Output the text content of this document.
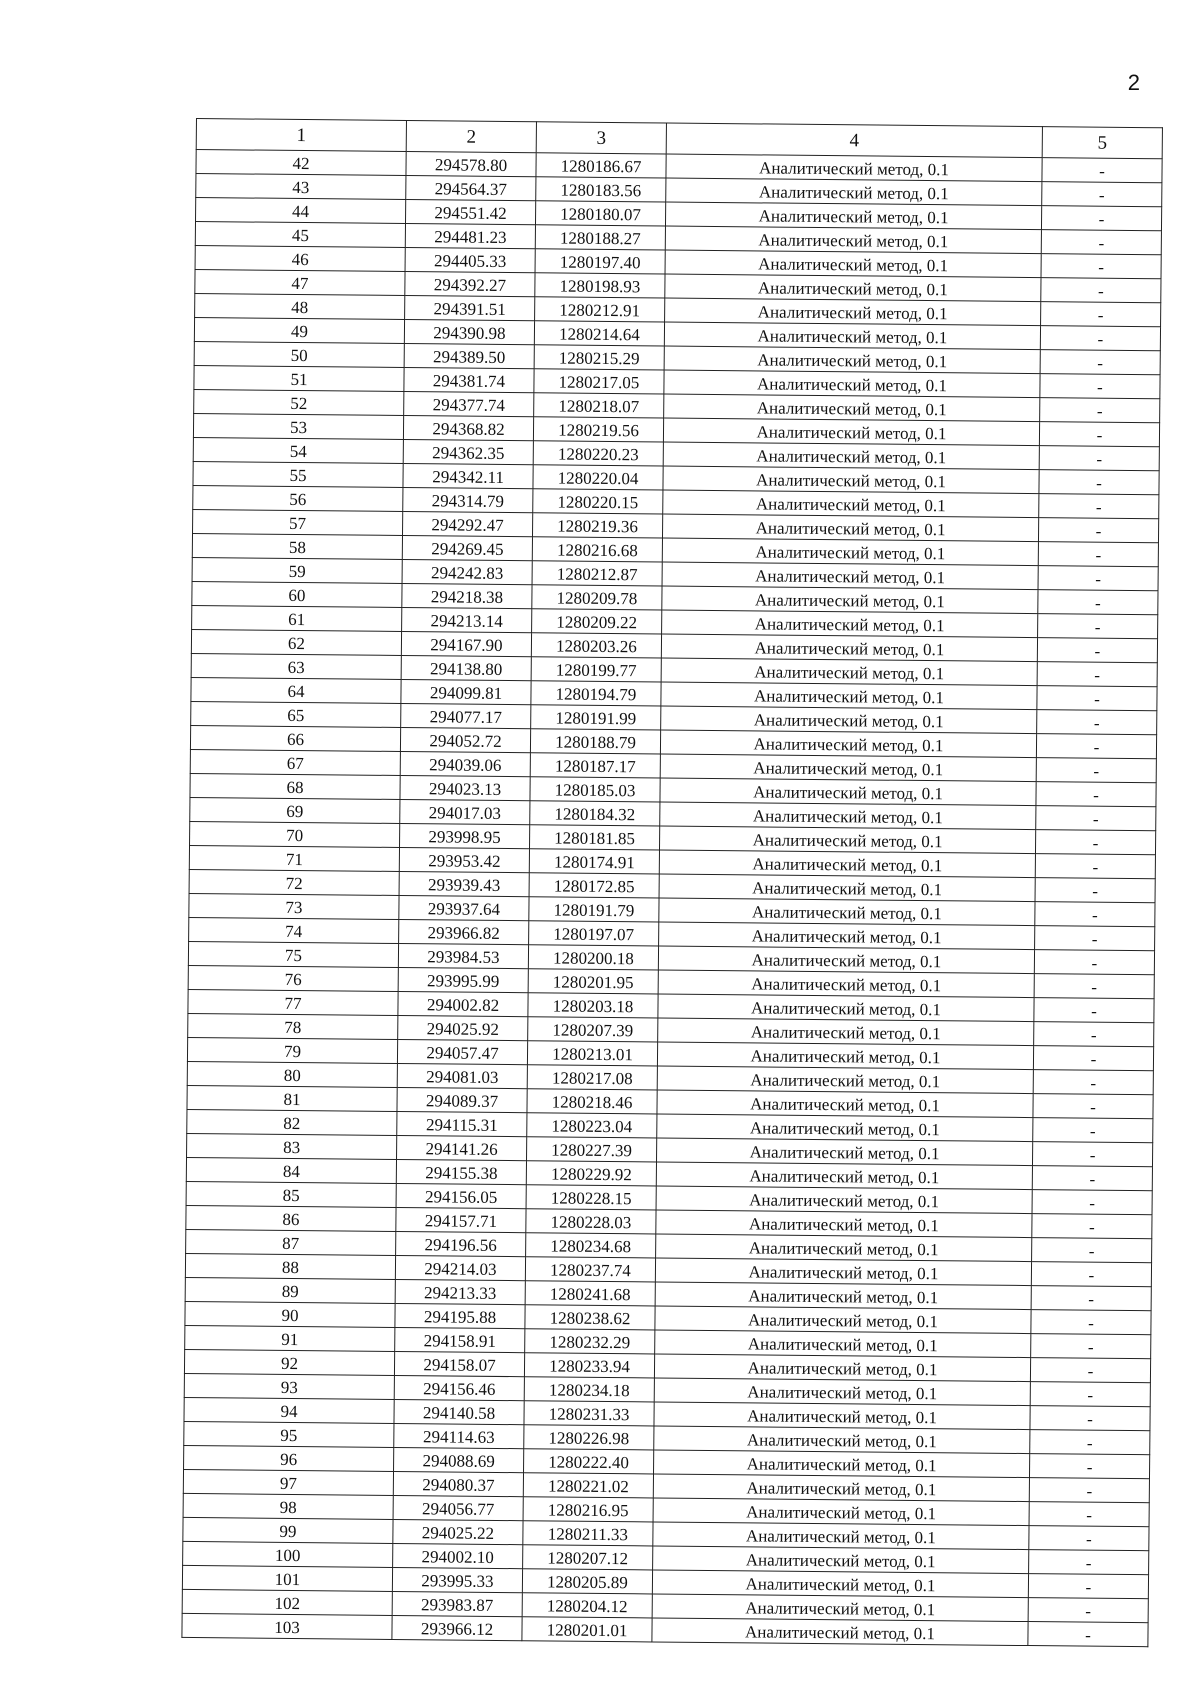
2
1	2	3	4	5
42	294578.80	1280186.67	Аналитический метод, 0.1	-
43	294564.37	1280183.56	Аналитический метод, 0.1	-
44	294551.42	1280180.07	Аналитический метод, 0.1	-
45	294481.23	1280188.27	Аналитический метод, 0.1	-
46	294405.33	1280197.40	Аналитический метод, 0.1	-
47	294392.27	1280198.93	Аналитический метод, 0.1	-
48	294391.51	1280212.91	Аналитический метод, 0.1	-
49	294390.98	1280214.64	Аналитический метод, 0.1	-
50	294389.50	1280215.29	Аналитический метод, 0.1	-
51	294381.74	1280217.05	Аналитический метод, 0.1	-
52	294377.74	1280218.07	Аналитический метод, 0.1	-
53	294368.82	1280219.56	Аналитический метод, 0.1	-
54	294362.35	1280220.23	Аналитический метод, 0.1	-
55	294342.11	1280220.04	Аналитический метод, 0.1	-
56	294314.79	1280220.15	Аналитический метод, 0.1	-
57	294292.47	1280219.36	Аналитический метод, 0.1	-
58	294269.45	1280216.68	Аналитический метод, 0.1	-
59	294242.83	1280212.87	Аналитический метод, 0.1	-
60	294218.38	1280209.78	Аналитический метод, 0.1	-
61	294213.14	1280209.22	Аналитический метод, 0.1	-
62	294167.90	1280203.26	Аналитический метод, 0.1	-
63	294138.80	1280199.77	Аналитический метод, 0.1	-
64	294099.81	1280194.79	Аналитический метод, 0.1	-
65	294077.17	1280191.99	Аналитический метод, 0.1	-
66	294052.72	1280188.79	Аналитический метод, 0.1	-
67	294039.06	1280187.17	Аналитический метод, 0.1	-
68	294023.13	1280185.03	Аналитический метод, 0.1	-
69	294017.03	1280184.32	Аналитический метод, 0.1	-
70	293998.95	1280181.85	Аналитический метод, 0.1	-
71	293953.42	1280174.91	Аналитический метод, 0.1	-
72	293939.43	1280172.85	Аналитический метод, 0.1	-
73	293937.64	1280191.79	Аналитический метод, 0.1	-
74	293966.82	1280197.07	Аналитический метод, 0.1	-
75	293984.53	1280200.18	Аналитический метод, 0.1	-
76	293995.99	1280201.95	Аналитический метод, 0.1	-
77	294002.82	1280203.18	Аналитический метод, 0.1	-
78	294025.92	1280207.39	Аналитический метод, 0.1	-
79	294057.47	1280213.01	Аналитический метод, 0.1	-
80	294081.03	1280217.08	Аналитический метод, 0.1	-
81	294089.37	1280218.46	Аналитический метод, 0.1	-
82	294115.31	1280223.04	Аналитический метод, 0.1	-
83	294141.26	1280227.39	Аналитический метод, 0.1	-
84	294155.38	1280229.92	Аналитический метод, 0.1	-
85	294156.05	1280228.15	Аналитический метод, 0.1	-
86	294157.71	1280228.03	Аналитический метод, 0.1	-
87	294196.56	1280234.68	Аналитический метод, 0.1	-
88	294214.03	1280237.74	Аналитический метод, 0.1	-
89	294213.33	1280241.68	Аналитический метод, 0.1	-
90	294195.88	1280238.62	Аналитический метод, 0.1	-
91	294158.91	1280232.29	Аналитический метод, 0.1	-
92	294158.07	1280233.94	Аналитический метод, 0.1	-
93	294156.46	1280234.18	Аналитический метод, 0.1	-
94	294140.58	1280231.33	Аналитический метод, 0.1	-
95	294114.63	1280226.98	Аналитический метод, 0.1	-
96	294088.69	1280222.40	Аналитический метод, 0.1	-
97	294080.37	1280221.02	Аналитический метод, 0.1	-
98	294056.77	1280216.95	Аналитический метод, 0.1	-
99	294025.22	1280211.33	Аналитический метод, 0.1	-
100	294002.10	1280207.12	Аналитический метод, 0.1	-
101	293995.33	1280205.89	Аналитический метод, 0.1	-
102	293983.87	1280204.12	Аналитический метод, 0.1	-
103	293966.12	1280201.01	Аналитический метод, 0.1	-
